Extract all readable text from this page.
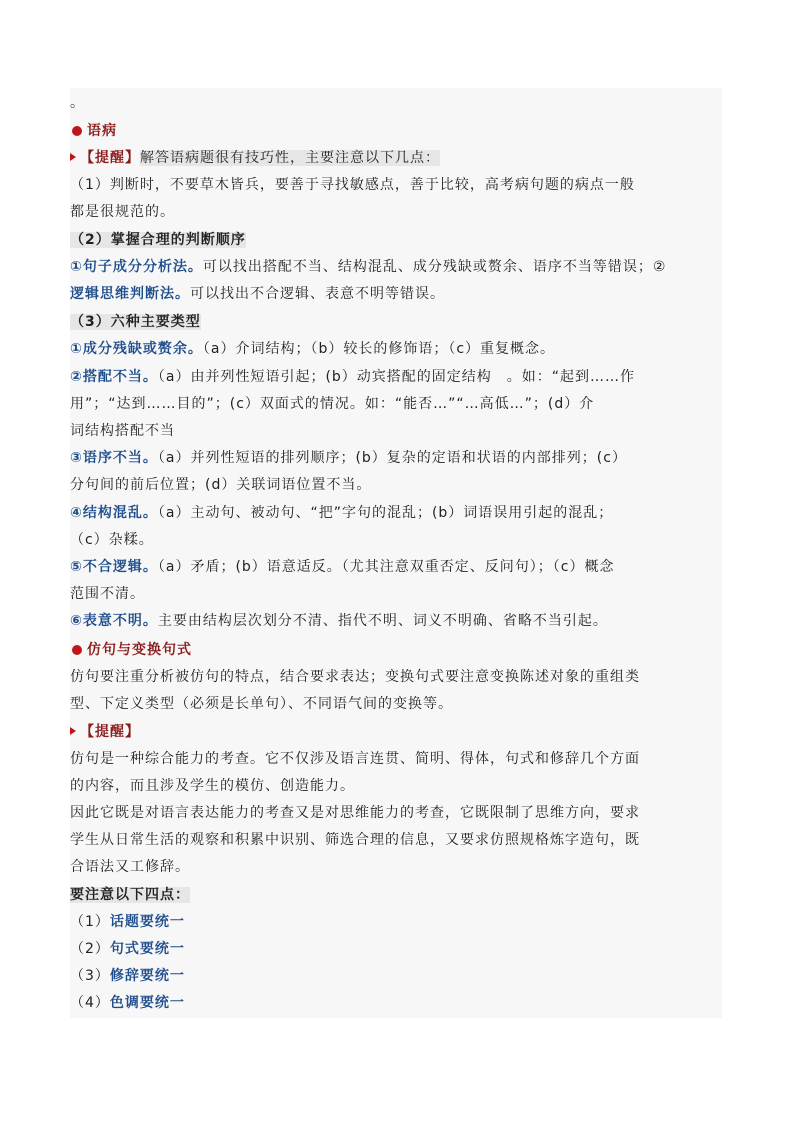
。
语病
【提醒】解答语病题很有技巧性，主要注意以下几点：
（1）判断时，不要草木皆兵，要善于寻找敏感点，善于比较，高考病句题的病点一般
都是很规范的。
（2）掌握合理的判断顺序
①句子成分分析法。可以找出搭配不当、结构混乱、成分残缺或赘余、语序不当等错误；②
逻辑思维判断法。可以找出不合逻辑、表意不明等错误。
（3）六种主要类型
①成分残缺或赘余。（a）介词结构；（b）较长的修饰语；（c）重复概念。
②搭配不当。（a）由并列性短语引起；(b）动宾搭配的固定结构　。如：“起到……作
用”；“达到……目的”；(c）双面式的情况。如：“能否…”“…高低…”；(d）介
词结构搭配不当
③语序不当。（a）并列性短语的排列顺序；(b）复杂的定语和状语的内部排列；(c）
分句间的前后位置；(d）关联词语位置不当。
④结构混乱。（a）主动句、被动句、“把”字句的混乱；(b）词语误用引起的混乱；
（c）杂糅。
⑤不合逻辑。（a）矛盾；(b）语意适反。（尤其注意双重否定、反问句）；（c）概念
范围不清。
⑥表意不明。主要由结构层次划分不清、指代不明、词义不明确、省略不当引起。
仿句与变换句式
仿句要注重分析被仿句的特点，结合要求表达；变换句式要注意变换陈述对象的重组类
型、下定义类型（必须是长单句）、不同语气间的变换等。
【提醒】
仿句是一种综合能力的考查。它不仅涉及语言连贯、简明、得体，句式和修辞几个方面
的内容，而且涉及学生的模仿、创造能力。
因此它既是对语言表达能力的考查又是对思维能力的考查，它既限制了思维方向，要求
学生从日常生活的观察和积累中识别、筛选合理的信息，又要求仿照规格炼字造句，既
合语法又工修辞。
要注意以下四点：
（1）话题要统一
（2）句式要统一
（3）修辞要统一
（4）色调要统一
